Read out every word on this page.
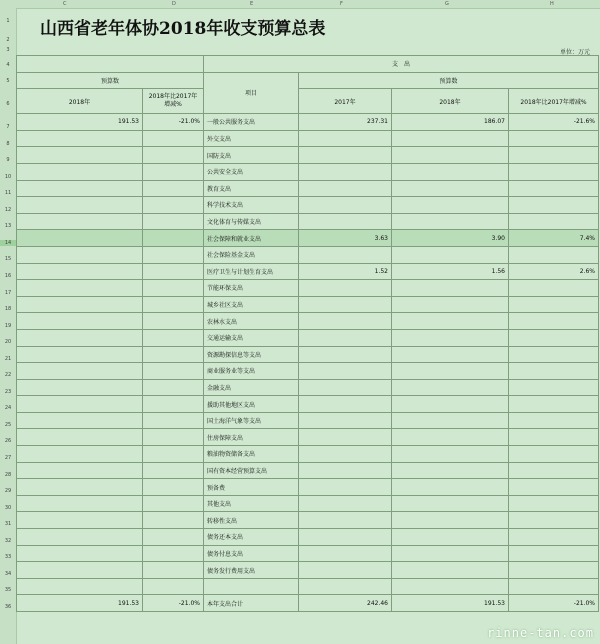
C	D	E	F	G	H
1
2
3
4
5
6
7
8
9
10
11
12
13
14
15
16
17
18
19
20
21
22
23
24
25
26
27
28
29
30
31
32
33
34
35
36
山西省老年体协2018年收支预算总表
单位：万元
		支　出			
预算数		项目	预算数		
2018年	2018年比2017年增减%		2017年	2018年	2018年比2017年增减%
191.53	-21.0%	一般公共服务支出	237.31	186.07	-21.6%
		外交支出			
		国防支出			
		公共安全支出			
		教育支出			
		科学技术支出			
		文化体育与传媒支出			
		社会保障和就业支出	3.63	3.90	7.4%
		社会保险基金支出			
		医疗卫生与计划生育支出	1.52	1.56	2.6%
		节能环保支出			
		城乡社区支出			
		农林水支出			
		交通运输支出			
		资源勘探信息等支出			
		商业服务业等支出			
		金融支出			
		援助其他地区支出			
		国土海洋气象等支出			
		住房保障支出			
		粮油物资储备支出			
		国有资本经营预算支出			
		预备费			
		其他支出			
		转移性支出			
		债务还本支出			
		债务付息支出			
		债务发行费用支出			

191.53	-21.0%	本年支出合计	242.46	191.53	-21.0%
rinne-tan.com
